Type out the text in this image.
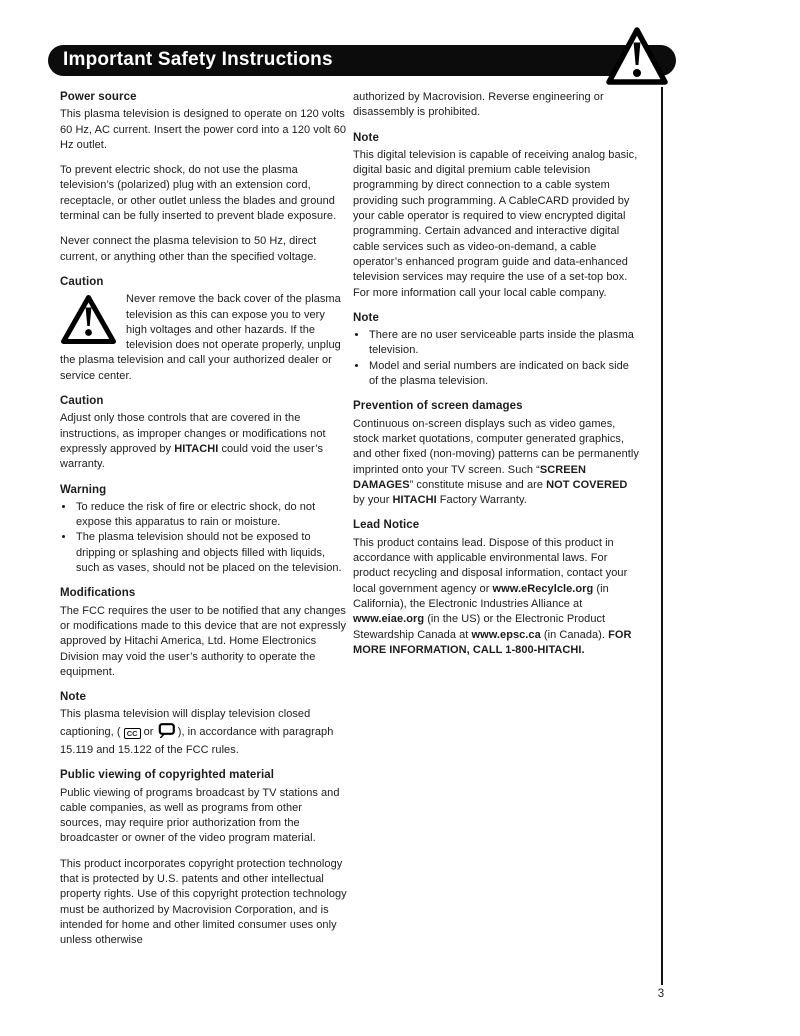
Important Safety Instructions
3
Power source

This plasma television is designed to operate on 120 volts 60 Hz, AC current. Insert the power cord into a 120 volt 60 Hz outlet.

To prevent electric shock, do not use the plasma television’s (polarized) plug with an extension cord, receptacle, or other outlet unless the blades and ground terminal can be fully inserted to prevent blade exposure.

Never connect the plasma television to 50 Hz, direct current, or anything other than the specified voltage.

Caution

Never remove the back cover of the plasma television as this can expose you to very high voltages and other hazards. If the television does not operate properly, unplug the plasma television and call your authorized dealer or service center.

Caution

Adjust only those controls that are covered in the instructions, as improper changes or modifications not expressly approved by HITACHI could void the user’s warranty.

Warning
• To reduce the risk of fire or electric shock, do not expose this apparatus to rain or moisture.
• The plasma television should not be exposed to dripping or splashing and objects filled with liquids, such as vases, should not be placed on the television.
Modifications

The FCC requires the user to be notified that any changes or modifications made to this device that are not expressly approved by Hitachi America, Ltd. Home Electronics Division may void the user’s authority to operate the equipment.

Note

This plasma television will display television closed captioning, ( CC or  ), in accordance with paragraph 15.119 and 15.122 of the FCC rules.

Public viewing of copyrighted material

Public viewing of programs broadcast by TV stations and cable companies, as well as programs from other sources, may require prior authorization from the broadcaster or owner of the video program material.

This product incorporates copyright protection technology that is protected by U.S. patents and other intellectual property rights. Use of this copyright protection technology must be authorized by Macrovision Corporation, and is intended for home and other limited consumer uses only unless otherwise

authorized by Macrovision. Reverse engineering or disassembly is prohibited.

Note

This digital television is capable of receiving analog basic, digital basic and digital premium cable television programming by direct connection to a cable system providing such programming. A CableCARD provided by your cable operator is required to view encrypted digital programming. Certain advanced and interactive digital cable services such as video-on-demand, a cable operator’s enhanced program guide and data-enhanced television services may require the use of a set-top box. For more information call your local cable company.

Note
• There are no user serviceable parts inside the plasma television.
• Model and serial numbers are indicated on back side of the plasma television.
Prevention of screen damages

Continuous on-screen displays such as video games, stock market quotations, computer generated graphics, and other fixed (non-moving) patterns can be permanently imprinted onto your TV screen. Such “SCREEN DAMAGES” constitute misuse and are NOT COVERED by your HITACHI Factory Warranty.

Lead Notice

This product contains lead. Dispose of this product in accordance with applicable environmental laws. For product recycling and disposal information, contact your local government agency or www.eRecylcle.org (in California), the Electronic Industries Alliance at www.eiae.org (in the US) or the Electronic Product Stewardship Canada at www.epsc.ca (in Canada). FOR MORE INFORMATION, CALL 1-800-HITACHI.
